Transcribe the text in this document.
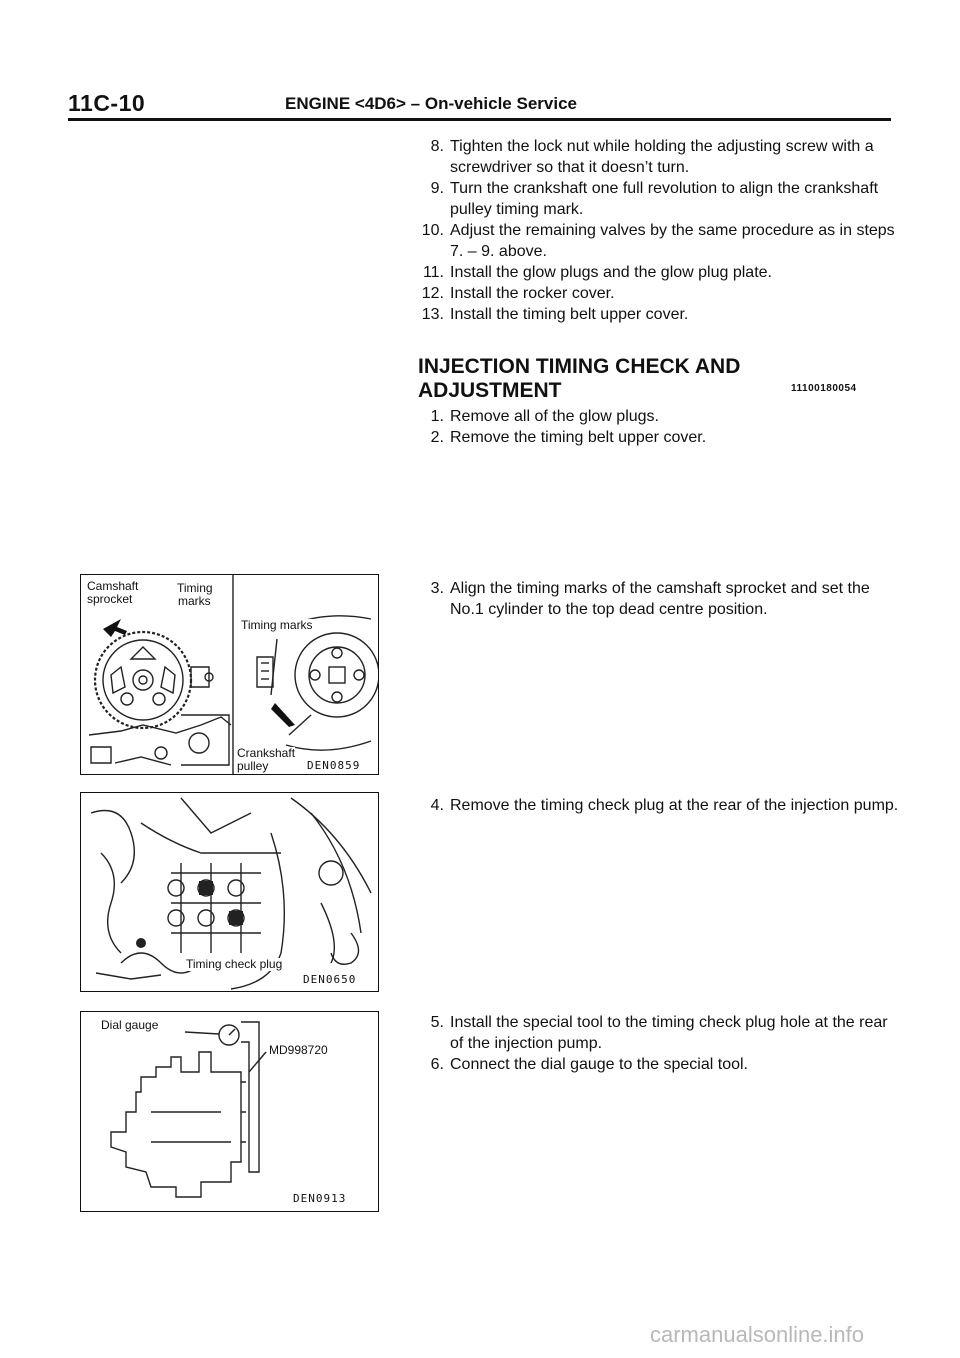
11C-10	ENGINE <4D6> – On-vehicle Service
8. Tighten the lock nut while holding the adjusting screw with a screwdriver so that it doesn’t turn.
9. Turn the crankshaft one full revolution to align the crankshaft pulley timing mark.
10. Adjust the remaining valves by the same procedure as in steps 7. – 9. above.
11. Install the glow plugs and the glow plug plate.
12. Install the rocker cover.
13. Install the timing belt upper cover.
INJECTION TIMING CHECK AND
ADJUSTMENT	11100180054
1. Remove all of the glow plugs.
2. Remove the timing belt upper cover.
3. Align the timing marks of the camshaft sprocket and set the No.1 cylinder to the top dead centre position.
4. Remove the timing check plug at the rear of the injection pump.
5. Install the special tool to the timing check plug hole at the rear of the injection pump.
6. Connect the dial gauge to the special tool.
Camshaft
sprocket
Timing
marks
Timing marks
Crankshaft
pulley	DEN0859
Timing check plug
DEN0650
Dial gauge
MD998720
DEN0913
carmanualsonline.info
